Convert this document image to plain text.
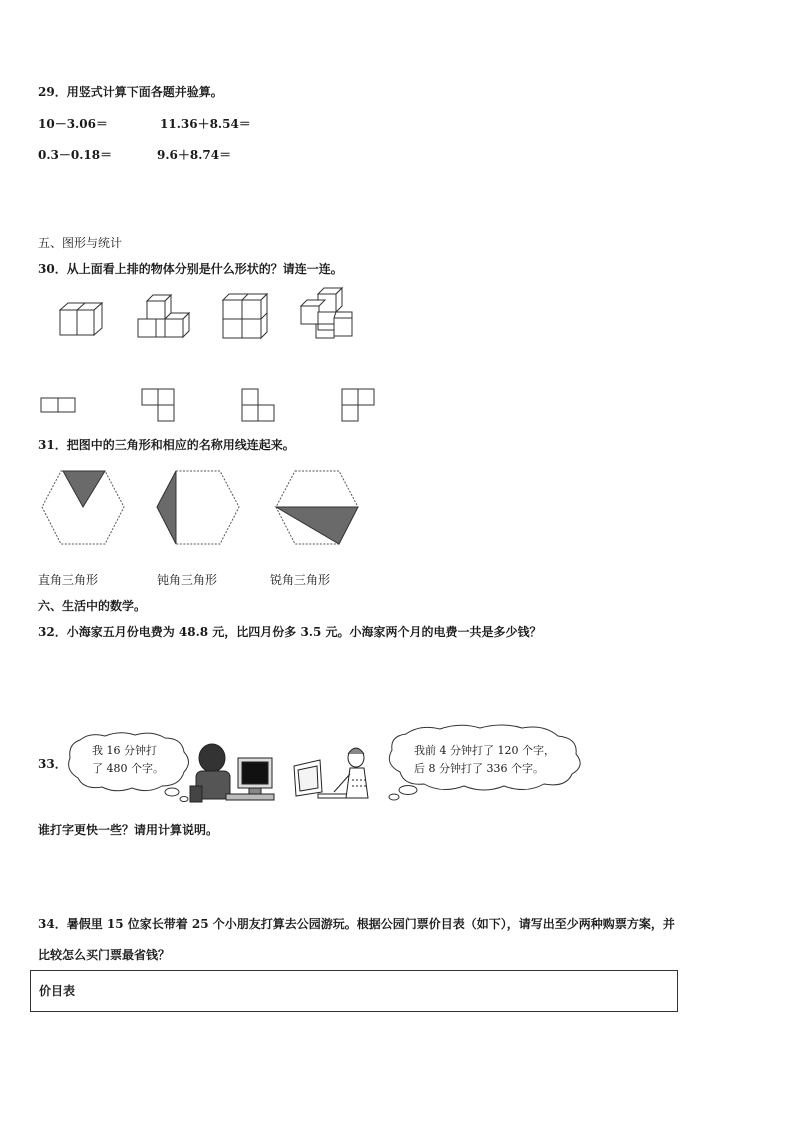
29．用竖式计算下面各题并验算。
10－3.06＝	11.36＋8.54＝
0.3－0.18＝	9.6＋8.74＝
五、图形与统计
30．从上面看上排的物体分别是什么形状的？请连一连。
31．把图中的三角形和相应的名称用线连起来。
直角三角形	钝角三角形	锐角三角形
六、生活中的数学。
32．小海家五月份电费为 48.8 元，比四月份多 3.5 元。小海家两个月的电费一共是多少钱？
33．
我 16 分钟打
了 480 个字。
我前 4 分钟打了 120 个字，
后 8 分钟打了 336 个字。
谁打字更快一些？请用计算说明。
34．暑假里 15 位家长带着 25 个小朋友打算去公园游玩。根据公园门票价目表（如下），请写出至少两种购票方案，并
比较怎么买门票最省钱？
价目表
